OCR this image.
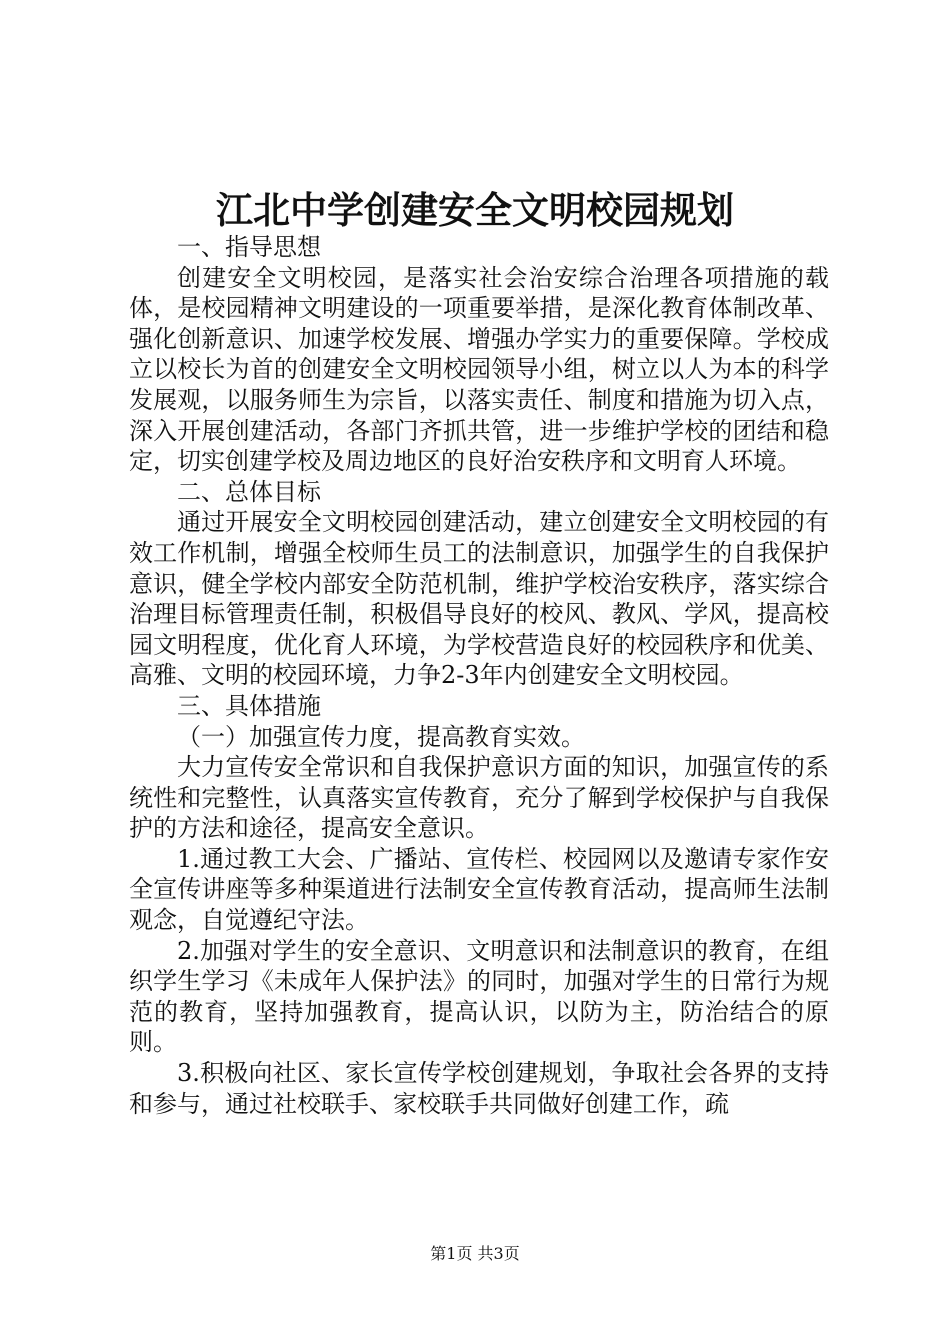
江北中学创建安全文明校园规划

一、指导思想

创建安全文明校园，是落实社会治安综合治理各项措施的载体，是校园精神文明建设的一项重要举措，是深化教育体制改革、强化创新意识、加速学校发展、增强办学实力的重要保障。学校成立以校长为首的创建安全文明校园领导小组，树立以人为本的科学发展观，以服务师生为宗旨，以落实责任、制度和措施为切入点，深入开展创建活动，各部门齐抓共管，进一步维护学校的团结和稳定，切实创建学校及周边地区的良好治安秩序和文明育人环境。

二、总体目标

通过开展安全文明校园创建活动，建立创建安全文明校园的有效工作机制，增强全校师生员工的法制意识，加强学生的自我保护意识，健全学校内部安全防范机制，维护学校治安秩序，落实综合治理目标管理责任制，积极倡导良好的校风、教风、学风，提高校园文明程度，优化育人环境，为学校营造良好的校园秩序和优美、高雅、文明的校园环境，力争2-3年内创建安全文明校园。

三、具体措施

（一）加强宣传力度，提高教育实效。

大力宣传安全常识和自我保护意识方面的知识，加强宣传的系统性和完整性，认真落实宣传教育，充分了解到学校保护与自我保护的方法和途径，提高安全意识。

1.通过教工大会、广播站、宣传栏、校园网以及邀请专家作安全宣传讲座等多种渠道进行法制安全宣传教育活动，提高师生法制观念，自觉遵纪守法。

2.加强对学生的安全意识、文明意识和法制意识的教育，在组织学生学习《未成年人保护法》的同时，加强对学生的日常行为规范的教育，坚持加强教育，提高认识，以防为主，防治结合的原则。

3.积极向社区、家长宣传学校创建规划，争取社会各界的支持和参与，通过社校联手、家校联手共同做好创建工作，疏

第1页 共3页
